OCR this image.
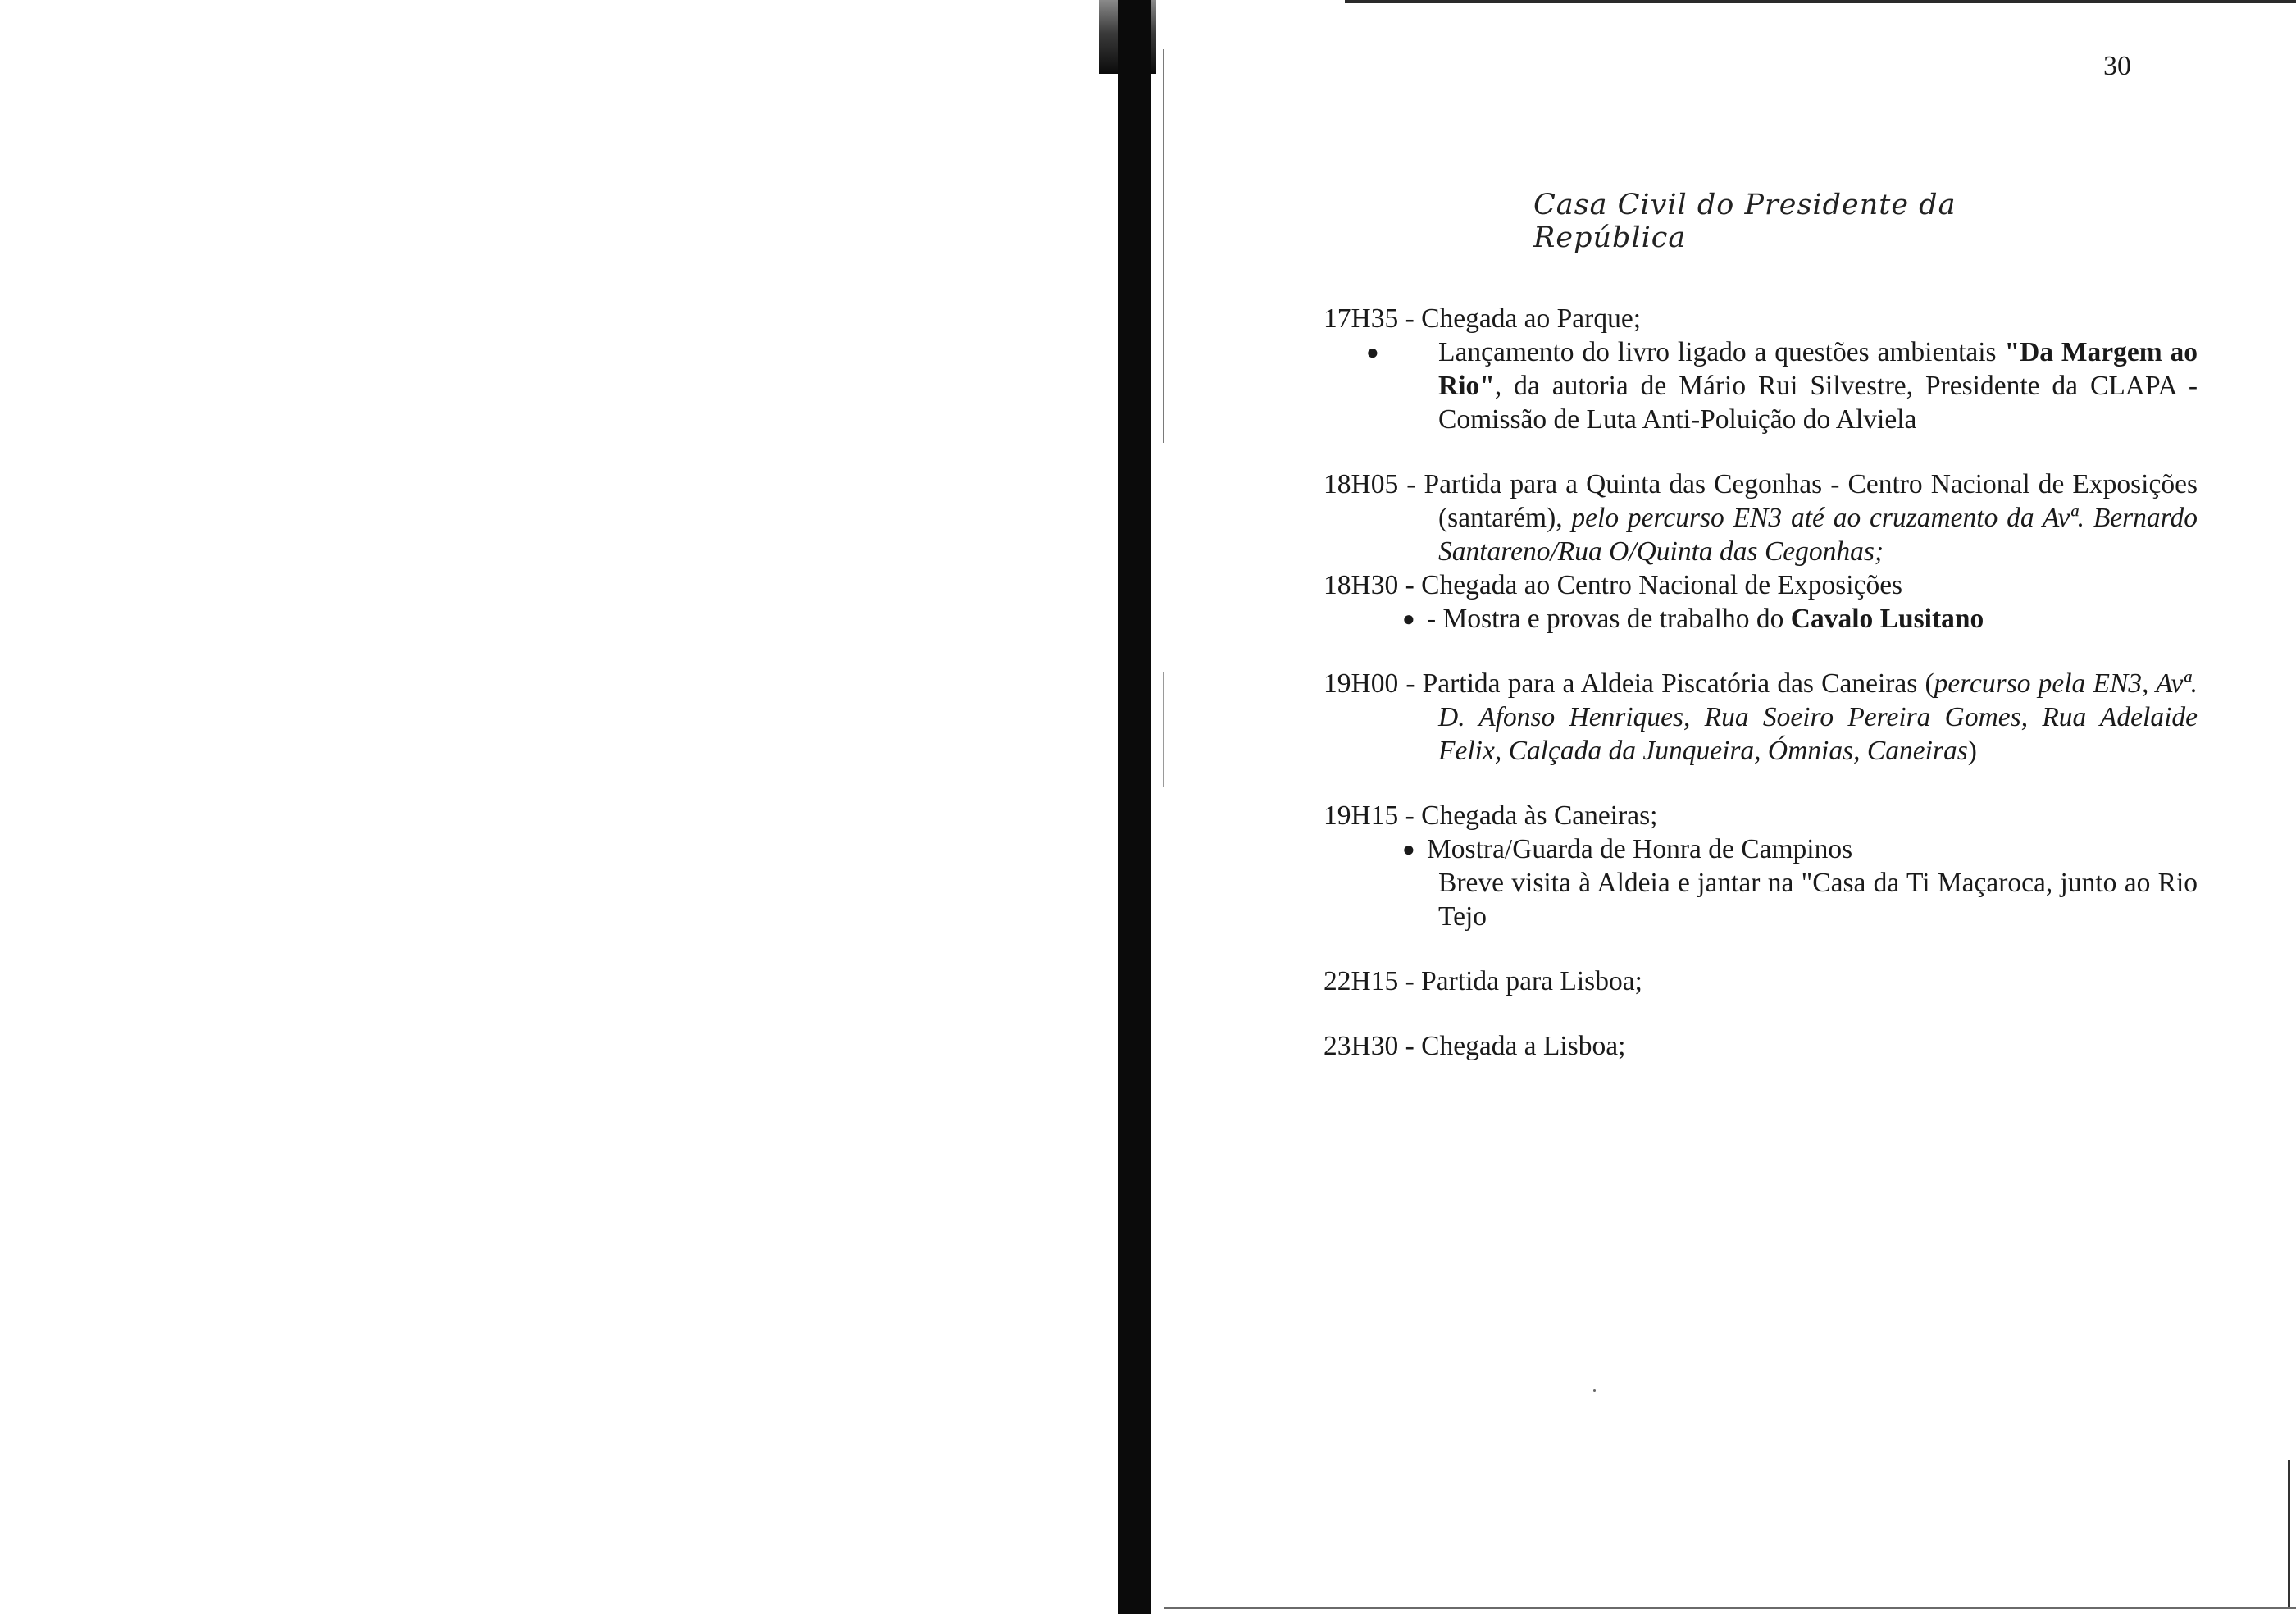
30
Casa Civil do Presidente da República
17H35 - Chegada ao Parque;
● Lançamento do livro ligado a questões ambientais "Da Margem ao Rio", da autoria de Mário Rui Silvestre, Presidente da CLAPA - Comissão de Luta Anti-Poluição do Alviela
18H05 - Partida para a Quinta das Cegonhas - Centro Nacional de Exposições (santarém), pelo percurso EN3 até ao cruzamento da Avª. Bernardo Santareno/Rua O/Quinta das Cegonhas;
18H30 - Chegada ao Centro Nacional de Exposições
● - Mostra e provas de trabalho do Cavalo Lusitano
19H00 - Partida para a Aldeia Piscatória das Caneiras (percurso pela EN3, Avª. D. Afonso Henriques, Rua Soeiro Pereira Gomes, Rua Adelaide Felix, Calçada da Junqueira, Ómnias, Caneiras)
19H15 - Chegada às Caneiras;
● Mostra/Guarda de Honra de Campinos
Breve visita à Aldeia e jantar na "Casa da Ti Maçaroca, junto ao Rio Tejo
22H15 - Partida para Lisboa;
23H30 - Chegada a Lisboa;
